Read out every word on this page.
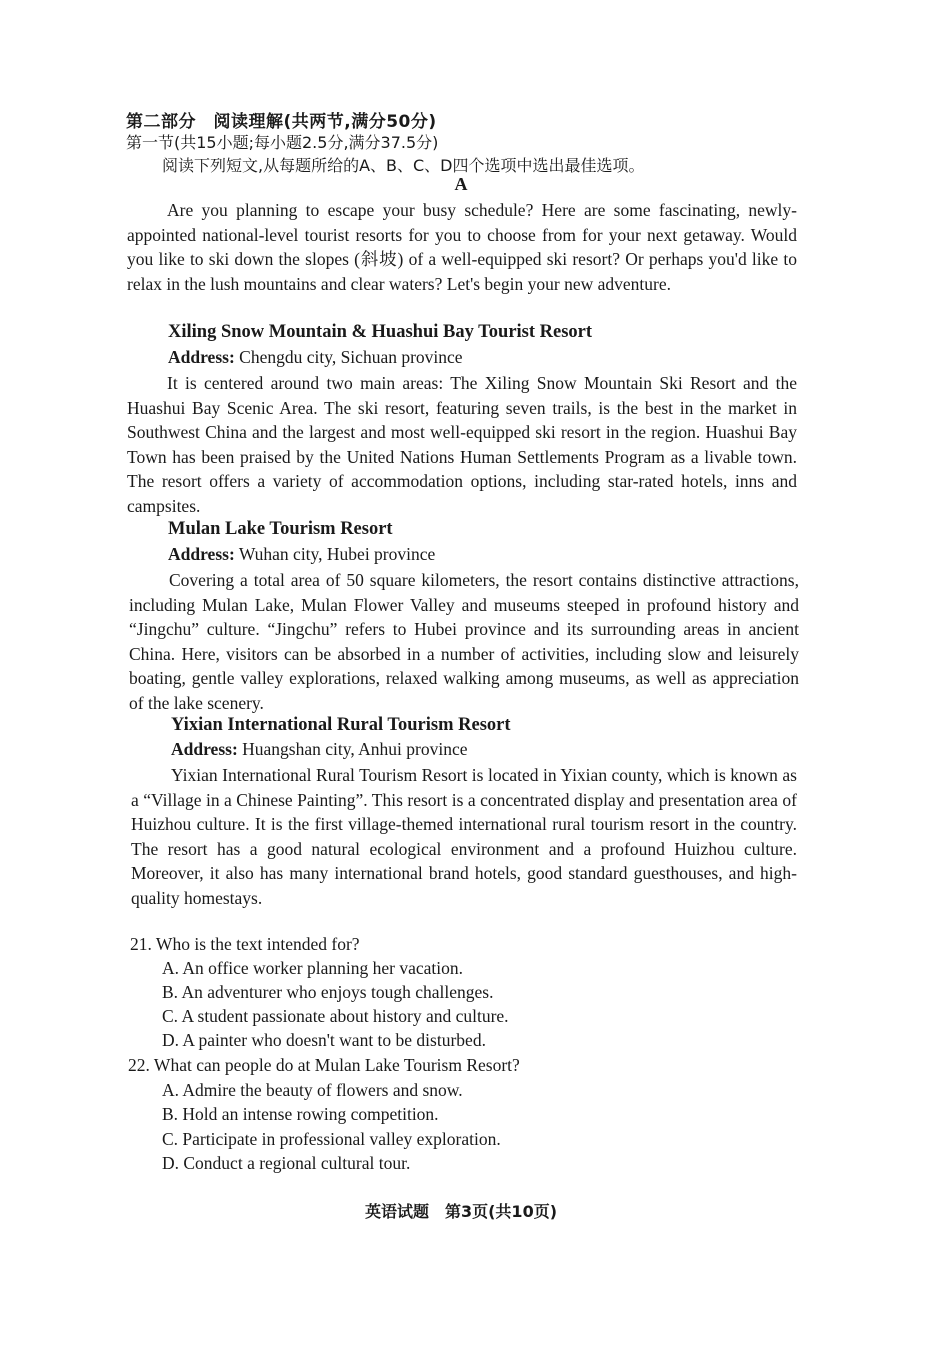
第二部分　阅读理解(共两节,满分50分)
第一节(共15小题;每小题2.5分,满分37.5分)
阅读下列短文,从每题所给的A、B、C、D四个选项中选出最佳选项。
A
Are you planning to escape your busy schedule? Here are some fascinating, newly-appointed national-level tourist resorts for you to choose from for your next getaway. Would you like to ski down the slopes (斜坡) of a well-equipped ski resort? Or perhaps you'd like to relax in the lush mountains and clear waters? Let's begin your new adventure.
Xiling Snow Mountain & Huashui Bay Tourist Resort
Address: Chengdu city, Sichuan province
It is centered around two main areas: The Xiling Snow Mountain Ski Resort and the Huashui Bay Scenic Area. The ski resort, featuring seven trails, is the best in the market in Southwest China and the largest and most well-equipped ski resort in the region. Huashui Bay Town has been praised by the United Nations Human Settlements Program as a livable town. The resort offers a variety of accommodation options, including star-rated hotels, inns and campsites.
Mulan Lake Tourism Resort
Address: Wuhan city, Hubei province
Covering a total area of 50 square kilometers, the resort contains distinctive attractions, including Mulan Lake, Mulan Flower Valley and museums steeped in profound history and “Jingchu” culture. “Jingchu” refers to Hubei province and its surrounding areas in ancient China. Here, visitors can be absorbed in a number of activities, including slow and leisurely boating, gentle valley explorations, relaxed walking among museums, as well as appreciation of the lake scenery.
Yixian International Rural Tourism Resort
Address: Huangshan city, Anhui province
Yixian International Rural Tourism Resort is located in Yixian county, which is known as a “Village in a Chinese Painting”. This resort is a concentrated display and presentation area of Huizhou culture. It is the first village-themed international rural tourism resort in the country. The resort has a good natural ecological environment and a profound Huizhou culture. Moreover, it also has many international brand hotels, good standard guesthouses, and high-quality homestays.
21. Who is the text intended for?
A. An office worker planning her vacation.
B. An adventurer who enjoys tough challenges.
C. A student passionate about history and culture.
D. A painter who doesn't want to be disturbed.
22. What can people do at Mulan Lake Tourism Resort?
A. Admire the beauty of flowers and snow.
B. Hold an intense rowing competition.
C. Participate in professional valley exploration.
D. Conduct a regional cultural tour.
英语试题　第3页(共10页)
